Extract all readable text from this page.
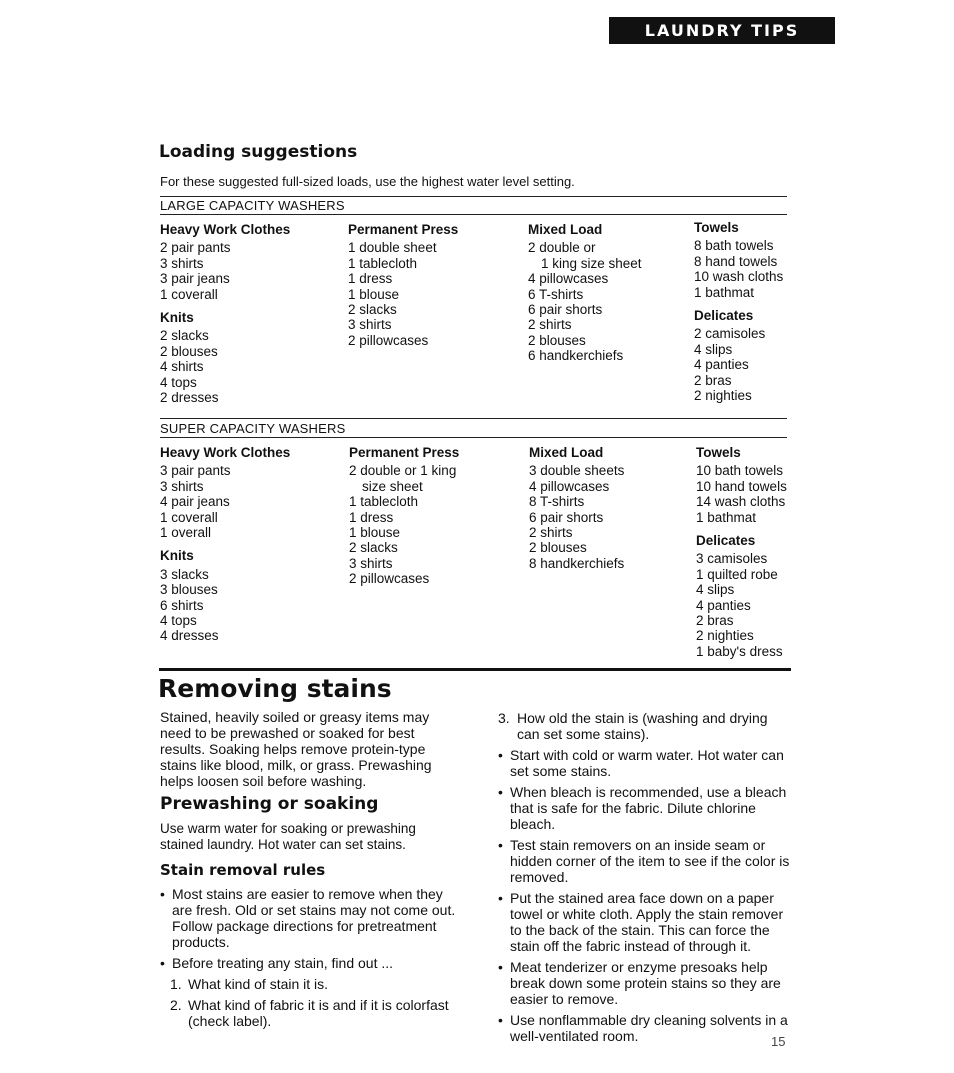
LAUNDRY TIPS
Loading suggestions
For these suggested full-sized loads, use the highest water level setting.
LARGE CAPACITY WASHERS
Heavy Work Clothes
2 pair pants
3 shirts
3 pair jeans
1 coverall
Knits
2 slacks
2 blouses
4 shirts
4 tops
2 dresses
Permanent Press
1 double sheet
1 tablecloth
1 dress
1 blouse
2 slacks
3 shirts
2 pillowcases
Mixed Load
2 double or
1 king size sheet
4 pillowcases
6 T-shirts
6 pair shorts
2 shirts
2 blouses
6 handkerchiefs
Towels
8 bath towels
8 hand towels
10 wash cloths
1 bathmat
Delicates
2 camisoles
4 slips
4 panties
2 bras
2 nighties
SUPER CAPACITY WASHERS
Heavy Work Clothes
3 pair pants
3 shirts
4 pair jeans
1 coverall
1 overall
Knits
3 slacks
3 blouses
6 shirts
4 tops
4 dresses
Permanent Press
2 double or 1 king
size sheet
1 tablecloth
1 dress
1 blouse
2 slacks
3 shirts
2 pillowcases
Mixed Load
3 double sheets
4 pillowcases
8 T-shirts
6 pair shorts
2 shirts
2 blouses
8 handkerchiefs
Towels
10 bath towels
10 hand towels
14 wash cloths
1 bathmat
Delicates
3 camisoles
1 quilted robe
4 slips
4 panties
2 bras
2 nighties
1 baby's dress
Removing stains

Stained, heavily soiled or greasy items may need to be prewashed or soaked for best results. Soaking helps remove protein-type stains like blood, milk, or grass. Prewashing helps loosen soil before washing.

Prewashing or soaking

Use warm water for soaking or prewashing stained laundry. Hot water can set stains.

Stain removal rules
• Most stains are easier to remove when they are fresh. Old or set stains may not come out. Follow package directions for pretreatment products.
• Before treating any stain, find out ...
1. What kind of stain it is.
2. What kind of fabric it is and if it is colorfast (check label).
3. How old the stain is (washing and drying can set some stains).
• Start with cold or warm water. Hot water can set some stains.
• When bleach is recommended, use a bleach that is safe for the fabric. Dilute chlorine bleach.
• Test stain removers on an inside seam or hidden corner of the item to see if the color is removed.
• Put the stained area face down on a paper towel or white cloth. Apply the stain remover to the back of the stain. This can force the stain off the fabric instead of through it.
• Meat tenderizer or enzyme presoaks help break down some protein stains so they are easier to remove.
• Use nonflammable dry cleaning solvents in a well-ventilated room.	15
